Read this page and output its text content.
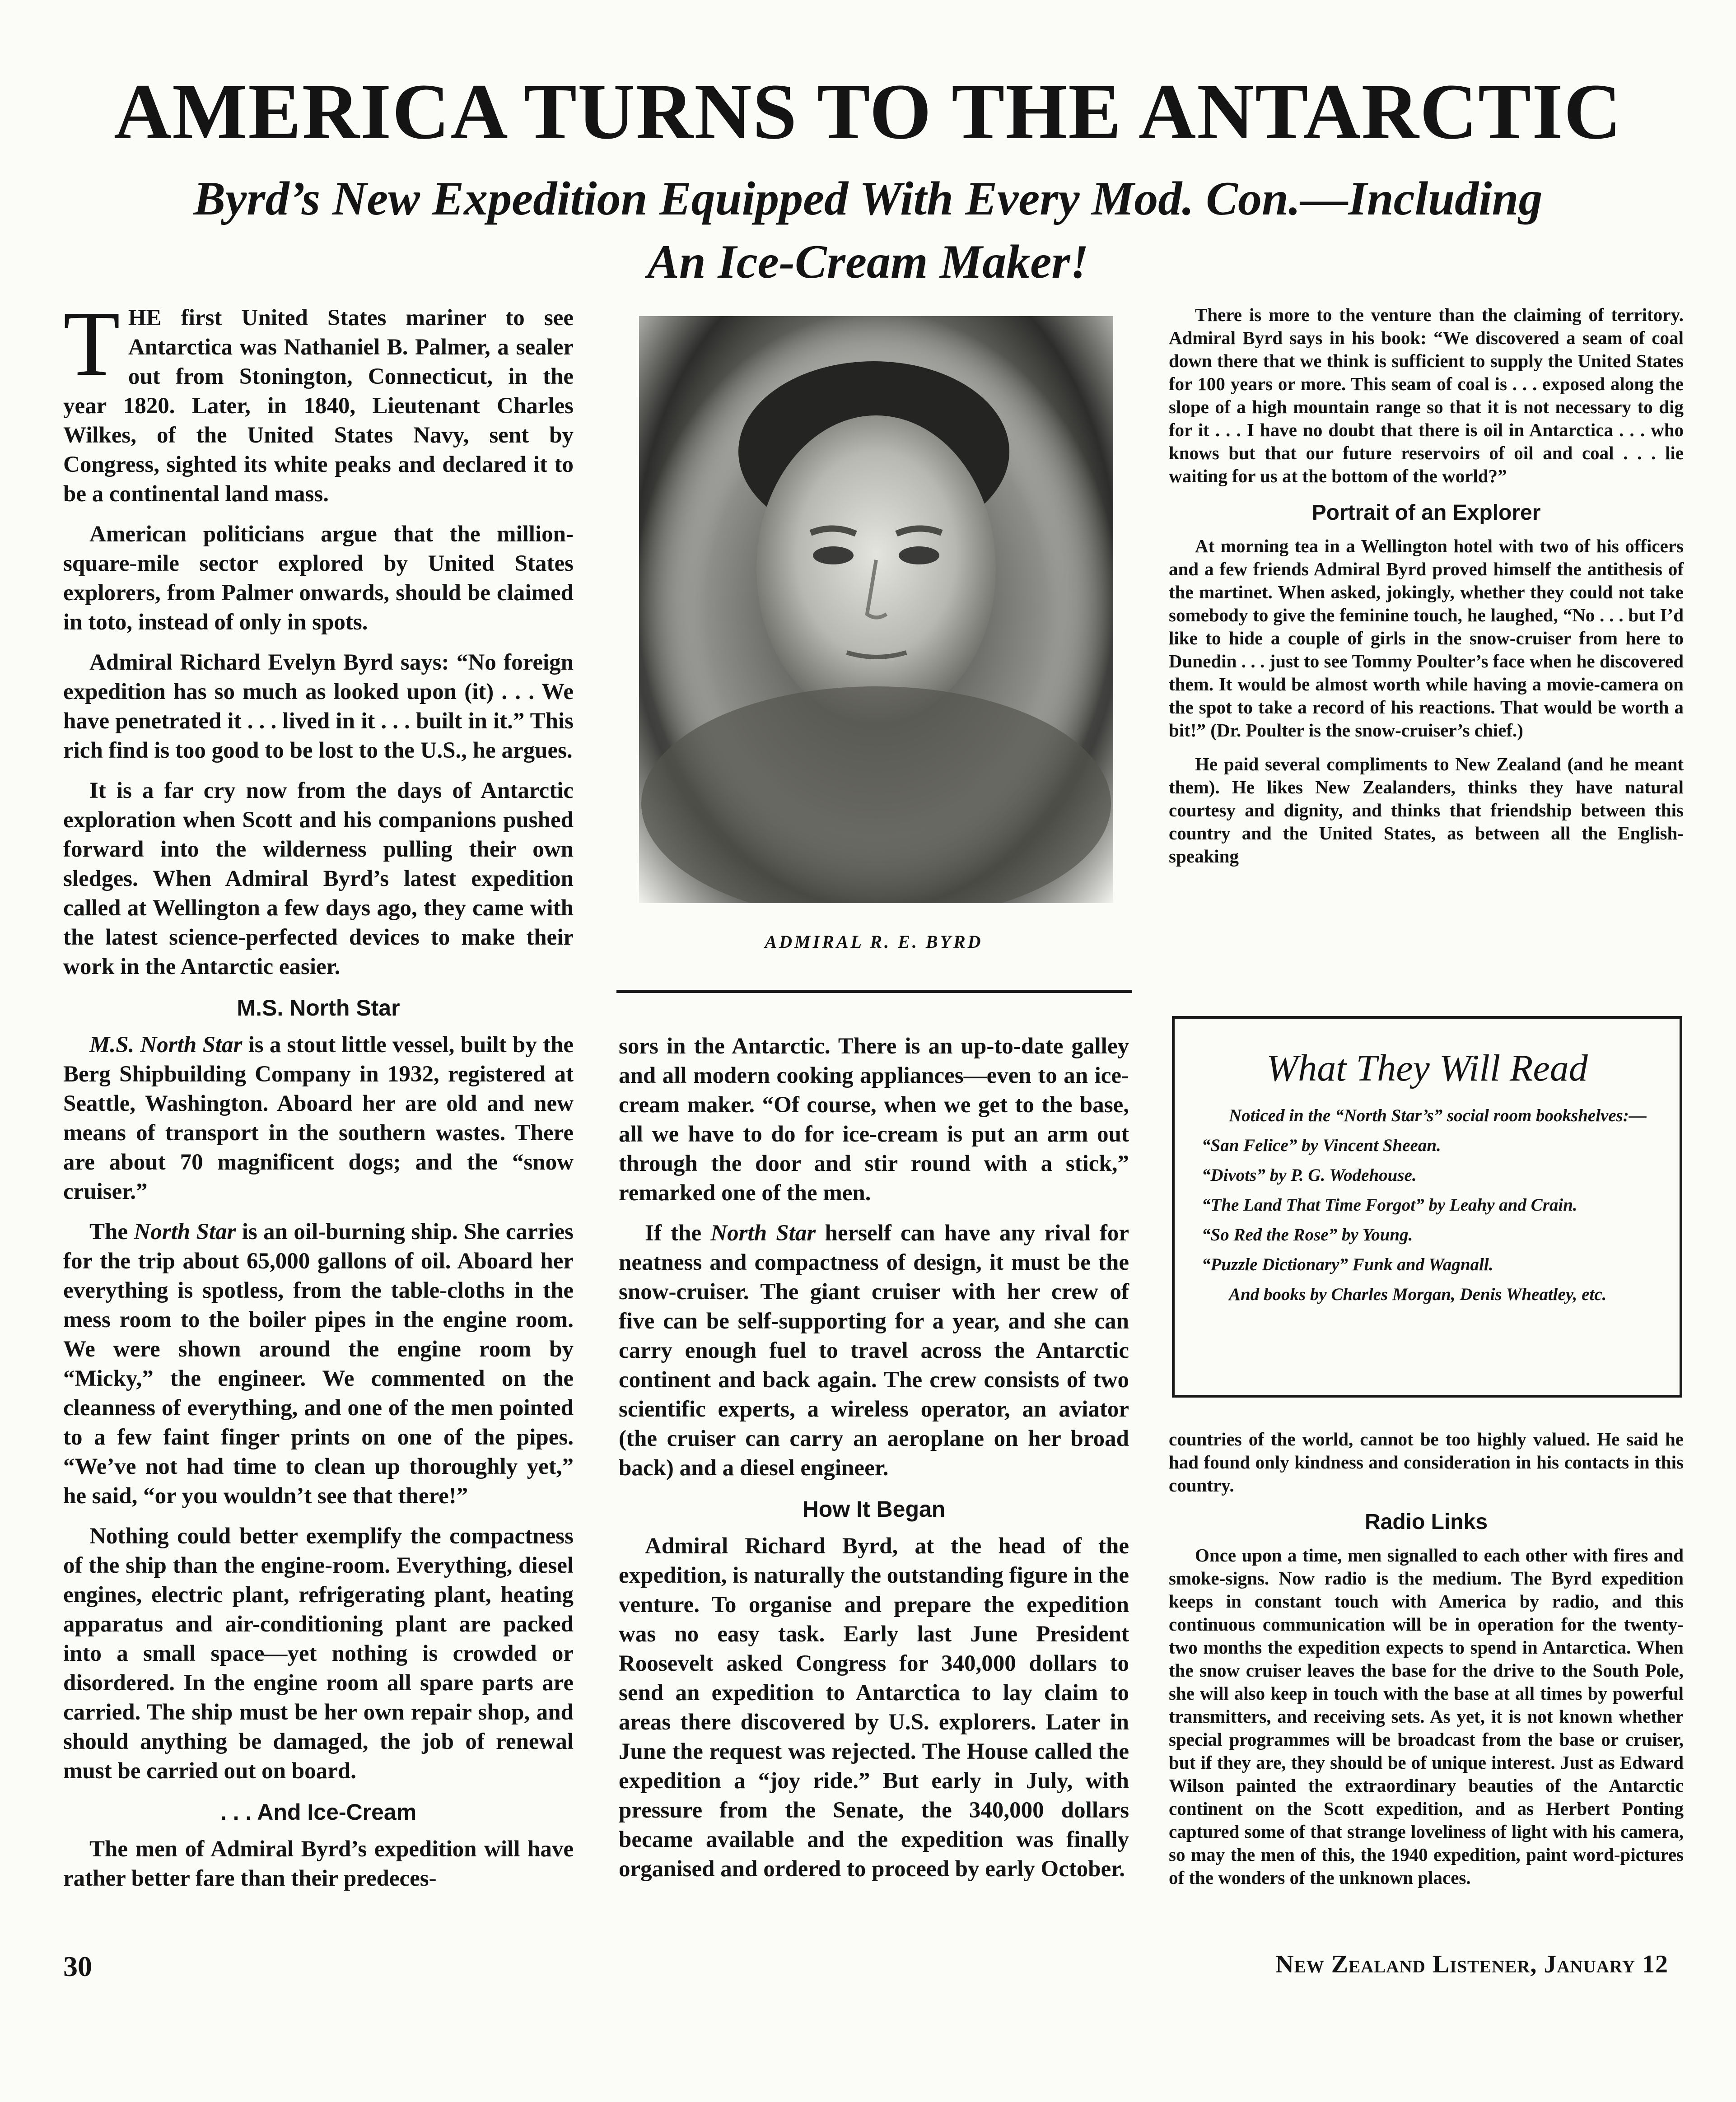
AMERICA TURNS TO THE ANTARCTIC
Byrd’s New Expedition Equipped With Every Mod. Con.—Including
An Ice-Cream Maker!

THE first United States mariner to see Antarctica was Nathaniel B. Palmer, a sealer out from Stonington, Connecticut, in the year 1820. Later, in 1840, Lieutenant Charles Wilkes, of the United States Navy, sent by Congress, sighted its white peaks and declared it to be a continental land mass.

American politicians argue that the million-square-mile sector explored by United States explorers, from Palmer onwards, should be claimed in toto, instead of only in spots.

Admiral Richard Evelyn Byrd says: “No foreign expedition has so much as looked upon (it) . . . We have penetrated it . . . lived in it . . . built in it.” This rich find is too good to be lost to the U.S., he argues.

It is a far cry now from the days of Antarctic exploration when Scott and his companions pushed forward into the wilderness pulling their own sledges. When Admiral Byrd’s latest expedition called at Wellington a few days ago, they came with the latest science-perfected devices to make their work in the Antarctic easier.

M.S. North Star

M.S. North Star is a stout little vessel, built by the Berg Shipbuilding Company in 1932, registered at Seattle, Washington. Aboard her are old and new means of transport in the southern wastes. There are about 70 magnificent dogs; and the “snow cruiser.”

The North Star is an oil-burning ship. She carries for the trip about 65,000 gallons of oil. Aboard her everything is spotless, from the table-cloths in the mess room to the boiler pipes in the engine room. We were shown around the engine room by “Micky,” the engineer. We commented on the cleanness of everything, and one of the men pointed to a few faint finger prints on one of the pipes. “We’ve not had time to clean up thoroughly yet,” he said, “or you wouldn’t see that there!”

Nothing could better exemplify the compactness of the ship than the engine-room. Everything, diesel engines, electric plant, refrigerating plant, heating apparatus and air-conditioning plant are packed into a small space—yet nothing is crowded or disordered. In the engine room all spare parts are carried. The ship must be her own repair shop, and should anything be damaged, the job of renewal must be carried out on board.

. . . And Ice-Cream

The men of Admiral Byrd’s expedition will have rather better fare than their predeces-

ADMIRAL R. E. BYRD

sors in the Antarctic. There is an up-to-date galley and all modern cooking appliances—even to an ice-cream maker. “Of course, when we get to the base, all we have to do for ice-cream is put an arm out through the door and stir round with a stick,” remarked one of the men.

If the North Star herself can have any rival for neatness and compactness of design, it must be the snow-cruiser. The giant cruiser with her crew of five can be self-supporting for a year, and she can carry enough fuel to travel across the Antarctic continent and back again. The crew consists of two scientific experts, a wireless operator, an aviator (the cruiser can carry an aeroplane on her broad back) and a diesel engineer.

How It Began

Admiral Richard Byrd, at the head of the expedition, is naturally the outstanding figure in the venture. To organise and prepare the expedition was no easy task. Early last June President Roosevelt asked Congress for 340,000 dollars to send an expedition to Antarctica to lay claim to areas there discovered by U.S. explorers. Later in June the request was rejected. The House called the expedition a “joy ride.” But early in July, with pressure from the Senate, the 340,000 dollars became available and the expedition was finally organised and ordered to proceed by early October.

There is more to the venture than the claiming of territory. Admiral Byrd says in his book: “We discovered a seam of coal down there that we think is sufficient to supply the United States for 100 years or more. This seam of coal is . . . exposed along the slope of a high mountain range so that it is not necessary to dig for it . . . I have no doubt that there is oil in Antarctica . . . who knows but that our future reservoirs of oil and coal . . . lie waiting for us at the bottom of the world?”

Portrait of an Explorer

At morning tea in a Wellington hotel with two of his officers and a few friends Admiral Byrd proved himself the antithesis of the martinet. When asked, jokingly, whether they could not take somebody to give the feminine touch, he laughed, “No . . . but I’d like to hide a couple of girls in the snow-cruiser from here to Dunedin . . . just to see Tommy Poulter’s face when he discovered them. It would be almost worth while having a movie-camera on the spot to take a record of his reactions. That would be worth a bit!” (Dr. Poulter is the snow-cruiser’s chief.)

He paid several compliments to New Zealand (and he meant them). He likes New Zealanders, thinks they have natural courtesy and dignity, and thinks that friendship between this country and the United States, as between all the English-speaking

What They Will Read

Noticed in the “North Star’s” social room bookshelves:—

“San Felice” by Vincent Sheean.

“Divots” by P. G. Wodehouse.

“The Land That Time Forgot” by Leahy and Crain.

“So Red the Rose” by Young.

“Puzzle Dictionary” Funk and Wagnall.

And books by Charles Morgan, Denis Wheatley, etc.

countries of the world, cannot be too highly valued. He said he had found only kindness and consideration in his contacts in this country.

Radio Links

Once upon a time, men signalled to each other with fires and smoke-signs. Now radio is the medium. The Byrd expedition keeps in constant touch with America by radio, and this continuous communication will be in operation for the twenty-two months the expedition expects to spend in Antarctica. When the snow cruiser leaves the base for the drive to the South Pole, she will also keep in touch with the base at all times by powerful transmitters, and receiving sets. As yet, it is not known whether special programmes will be broadcast from the base or cruiser, but if they are, they should be of unique interest. Just as Edward Wilson painted the extraordinary beauties of the Antarctic continent on the Scott expedition, and as Herbert Ponting captured some of that strange loveliness of light with his camera, so may the men of this, the 1940 expedition, paint word-pictures of the wonders of the unknown places.

30	New Zealand Listener, January 12
